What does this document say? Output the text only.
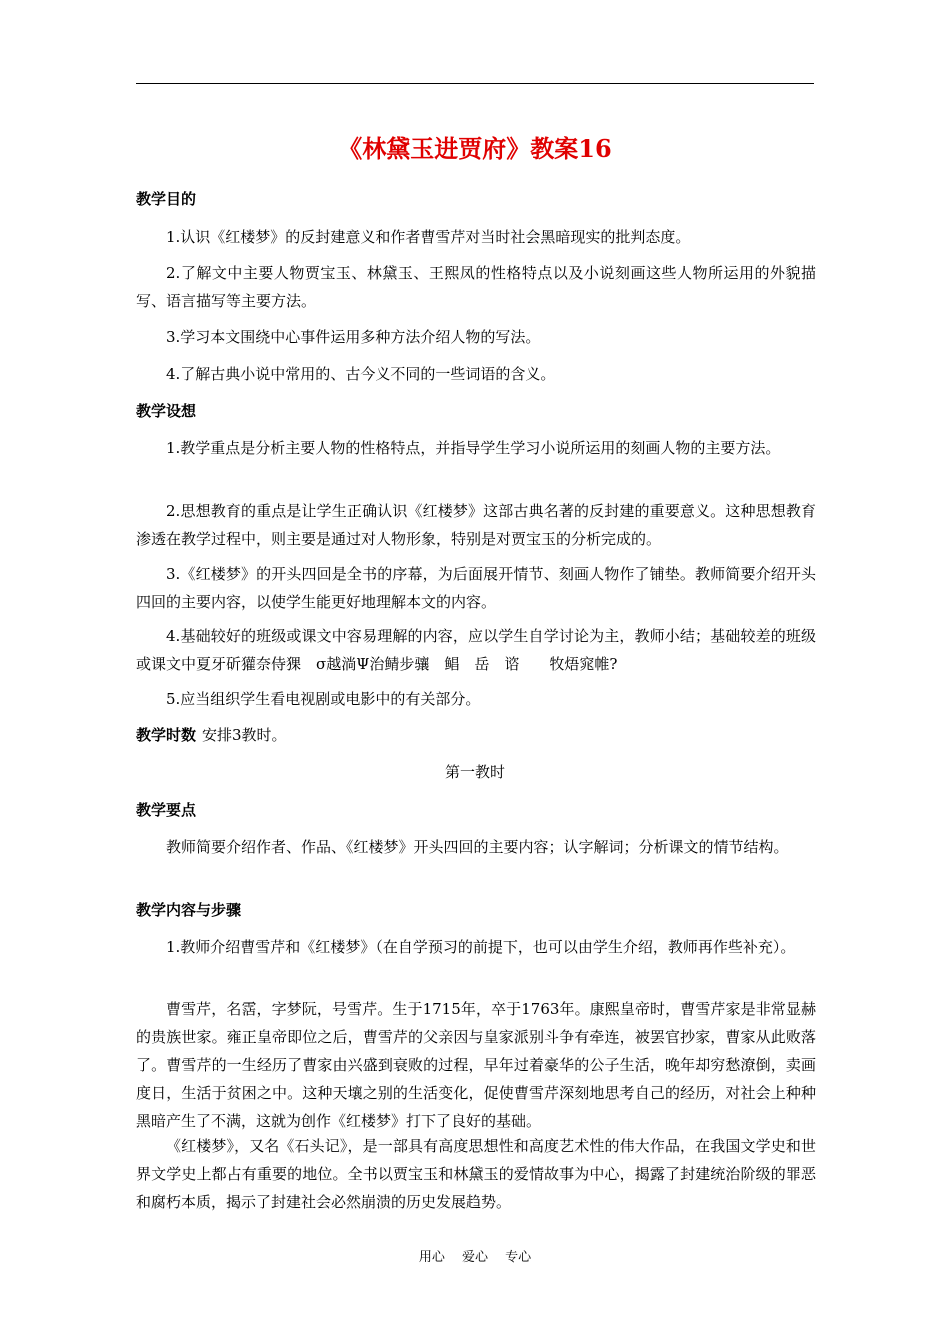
《林黛玉进贾府》教案16
教学目的
1.认识《红楼梦》的反封建意义和作者曹雪芹对当时社会黑暗现实的批判态度。
2.了解文中主要人物贾宝玉、林黛玉、王熙凤的性格特点以及小说刻画这些人物所运用的外貌描写、语言描写等主要方法。
3.学习本文围绕中心事件运用多种方法介绍人物的写法。
4.了解古典小说中常用的、古今义不同的一些词语的含义。
教学设想
1.教学重点是分析主要人物的性格特点，并指导学生学习小说所运用的刻画人物的主要方法。
2.思想教育的重点是让学生正确认识《红楼梦》这部古典名著的反封建的重要意义。这种思想教育渗透在教学过程中，则主要是通过对人物形象，特别是对贾宝玉的分析完成的。
3.《红楼梦》的开头四回是全书的序幕，为后面展开情节、刻画人物作了铺垫。教师简要介绍开头四回的主要内容，以使学生能更好地理解本文的内容。
4.基础较好的班级或课文中容易理解的内容，应以学生自学讨论为主，教师小结；基础较差的班级或课文中夏牙斫獾奈侍猓　σ越淌Ψ治鲭步骧　鲳　岳　谘　　牧焐窕帷?
5.应当组织学生看电视剧或电影中的有关部分。
教学时数 安排3教时。
第一教时
教学要点
教师简要介绍作者、作品、《红楼梦》开头四回的主要内容；认字解词；分析课文的情节结构。
教学内容与步骤
1.教师介绍曹雪芹和《红楼梦》（在自学预习的前提下，也可以由学生介绍，教师再作些补充）。
曹雪芹，名霑，字梦阮，号雪芹。生于1715年，卒于1763年。康熙皇帝时，曹雪芹家是非常显赫的贵族世家。雍正皇帝即位之后，曹雪芹的父亲因与皇家派别斗争有牵连，被罢官抄家，曹家从此败落了。曹雪芹的一生经历了曹家由兴盛到衰败的过程，早年过着豪华的公子生活，晚年却穷愁潦倒，卖画度日，生活于贫困之中。这种天壤之别的生活变化，促使曹雪芹深刻地思考自己的经历，对社会上种种黑暗产生了不满，这就为创作《红楼梦》打下了良好的基础。
《红楼梦》，又名《石头记》，是一部具有高度思想性和高度艺术性的伟大作品，在我国文学史和世界文学史上都占有重要的地位。全书以贾宝玉和林黛玉的爱情故事为中心，揭露了封建统治阶级的罪恶和腐朽本质，揭示了封建社会必然崩溃的历史发展趋势。
用心 爱心 专心
